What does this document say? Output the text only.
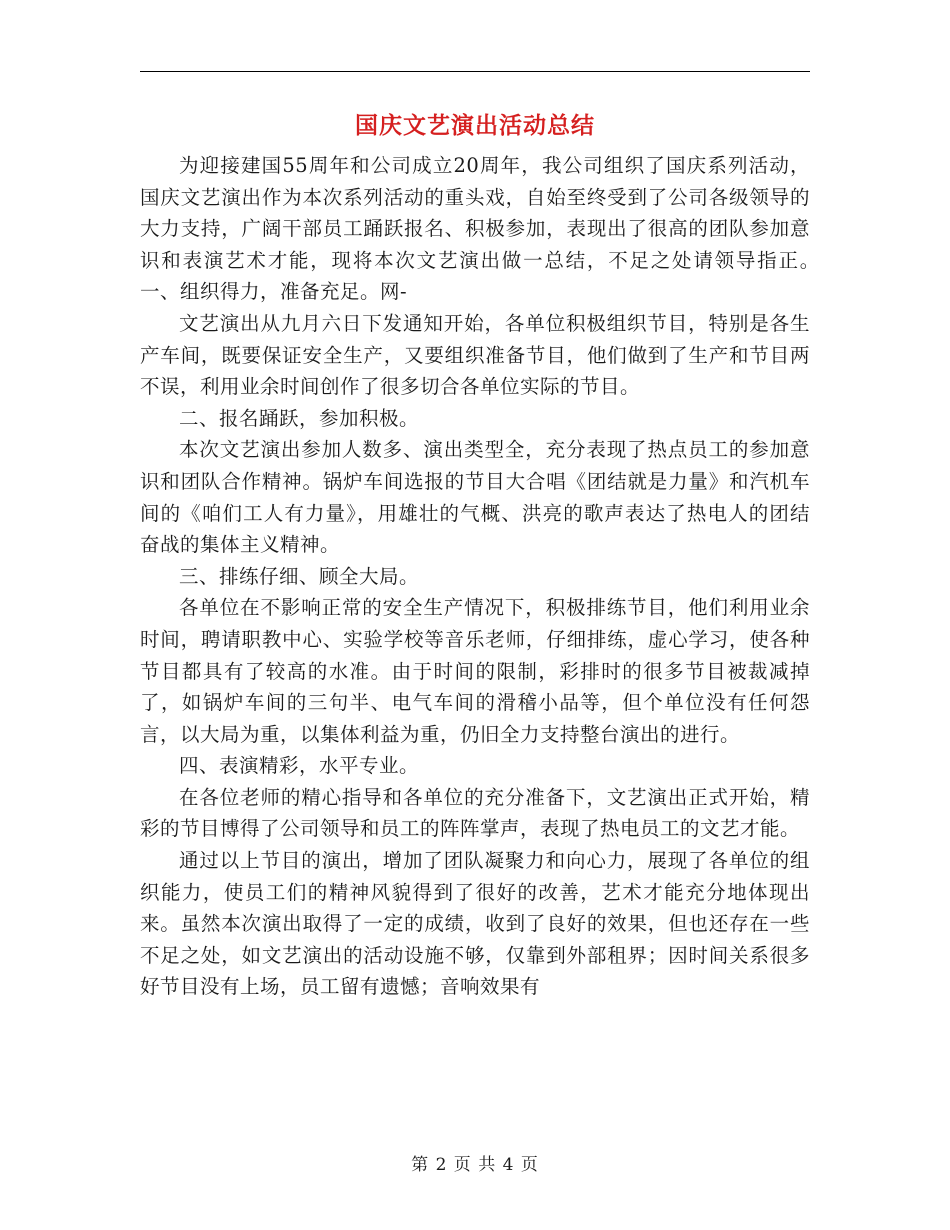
国庆文艺演出活动总结

为迎接建国55周年和公司成立20周年，我公司组织了国庆系列活动，国庆文艺演出作为本次系列活动的重头戏，自始至终受到了公司各级领导的大力支持，广阔干部员工踊跃报名、积极参加，表现出了很高的团队参加意识和表演艺术才能，现将本次文艺演出做一总结，不足之处请领导指正。　　一、组织得力，准备充足。网-

文艺演出从九月六日下发通知开始，各单位积极组织节目，特别是各生产车间，既要保证安全生产，又要组织准备节目，他们做到了生产和节目两不误，利用业余时间创作了很多切合各单位实际的节目。

二、报名踊跃，参加积极。

本次文艺演出参加人数多、演出类型全，充分表现了热点员工的参加意识和团队合作精神。锅炉车间选报的节目大合唱《团结就是力量》和汽机车间的《咱们工人有力量》，用雄壮的气概、洪亮的歌声表达了热电人的团结奋战的集体主义精神。

三、排练仔细、顾全大局。

各单位在不影响正常的安全生产情况下，积极排练节目，他们利用业余时间，聘请职教中心、实验学校等音乐老师，仔细排练，虚心学习，使各种节目都具有了较高的水准。由于时间的限制，彩排时的很多节目被裁减掉了，如锅炉车间的三句半、电气车间的滑稽小品等，但个单位没有任何怨言，以大局为重，以集体利益为重，仍旧全力支持整台演出的进行。

四、表演精彩，水平专业。

在各位老师的精心指导和各单位的充分准备下，文艺演出正式开始，精彩的节目博得了公司领导和员工的阵阵掌声，表现了热电员工的文艺才能。

通过以上节目的演出，增加了团队凝聚力和向心力，展现了各单位的组织能力，使员工们的精神风貌得到了很好的改善，艺术才能充分地体现出来。虽然本次演出取得了一定的成绩，收到了良好的效果，但也还存在一些不足之处，如文艺演出的活动设施不够，仅靠到外部租界；因时间关系很多好节目没有上场，员工留有遗憾；音响效果有

第 2 页 共 4 页
